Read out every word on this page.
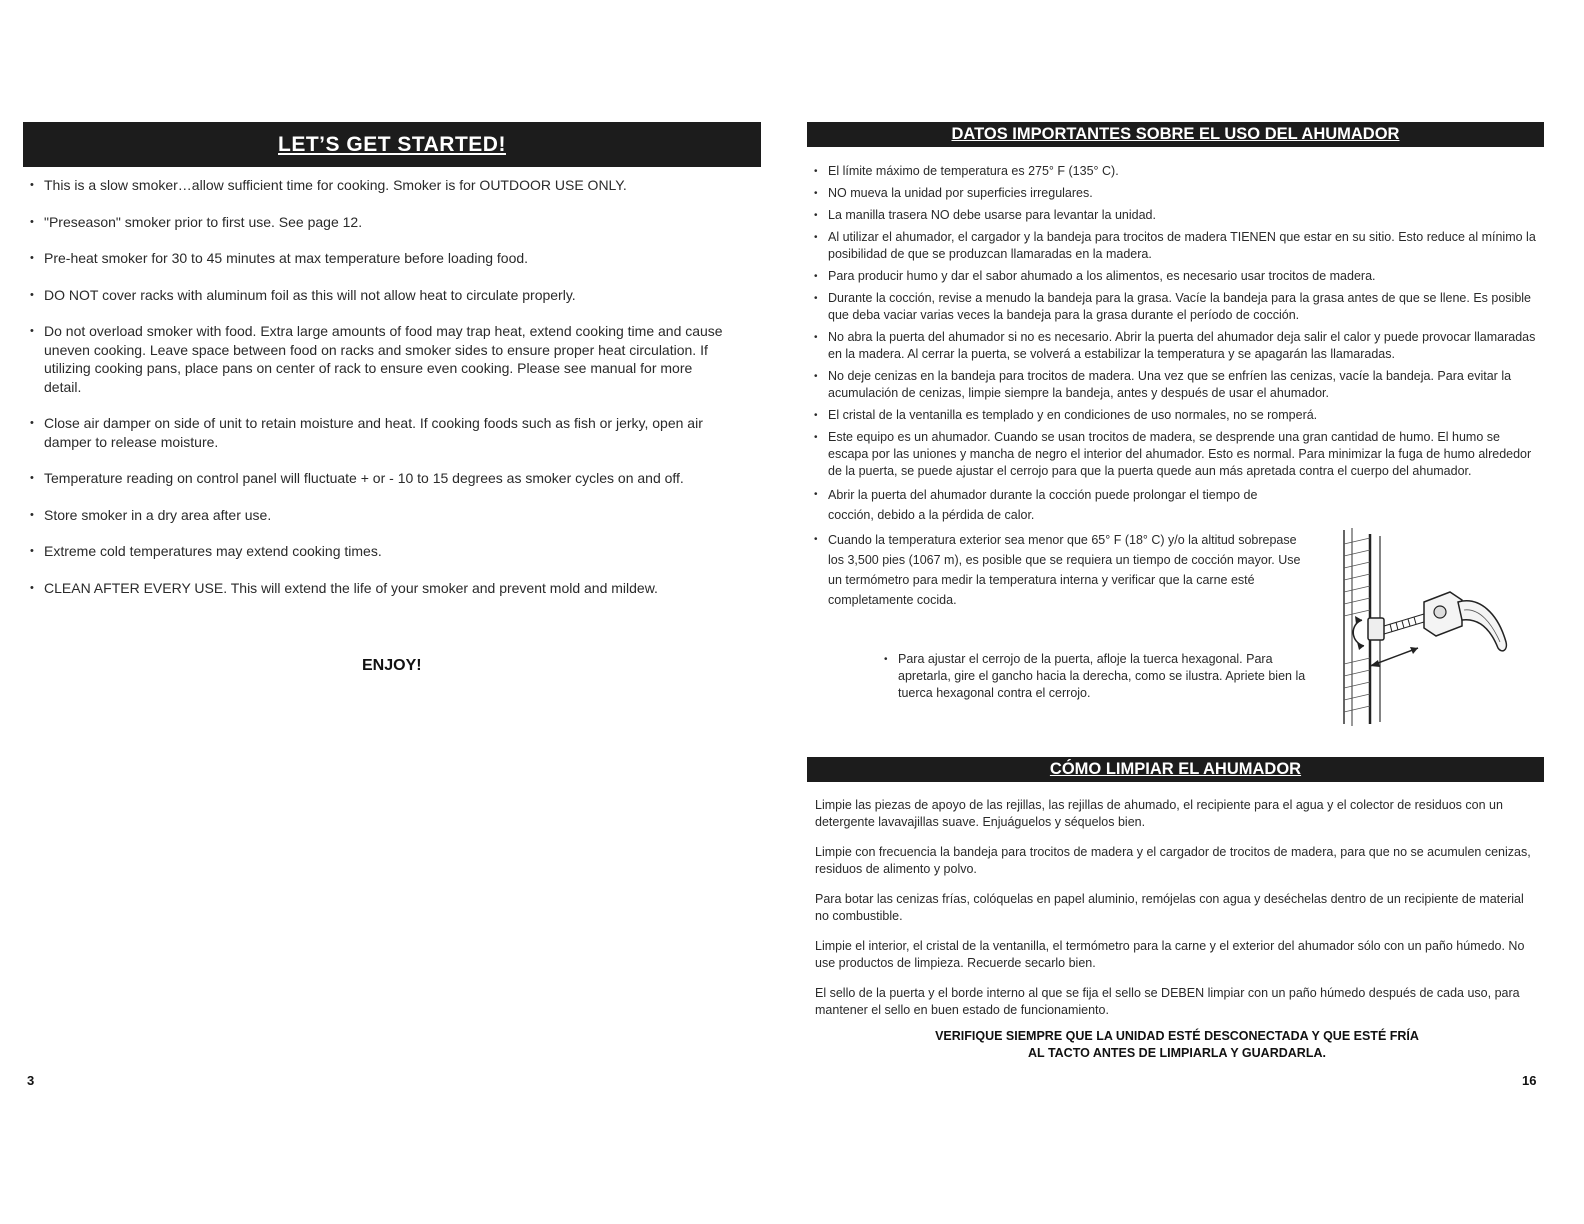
LET’S GET STARTED!
• This is a slow smoker…allow sufficient time for cooking. Smoker is for OUTDOOR USE ONLY.
• "Preseason" smoker prior to first use. See page 12.
• Pre-heat smoker for 30 to 45 minutes at max temperature before loading food.
• DO NOT cover racks with aluminum foil as this will not allow heat to circulate properly.
• Do not overload smoker with food. Extra large amounts of food may trap heat, extend cooking time and cause uneven cooking. Leave space between food on racks and smoker sides to ensure proper heat circulation. If utilizing cooking pans, place pans on center of rack to ensure even cooking. Please see manual for more detail.
• Close air damper on side of unit to retain moisture and heat. If cooking foods such as fish or jerky, open air damper to release moisture.
• Temperature reading on control panel will fluctuate + or - 10 to 15 degrees as smoker cycles on and off.
• Store smoker in a dry area after use.
• Extreme cold temperatures may extend cooking times.
• CLEAN AFTER EVERY USE. This will extend the life of your smoker and prevent mold and mildew.
ENJOY!
3
DATOS IMPORTANTES SOBRE EL USO DEL AHUMADOR
• El límite máximo de temperatura es 275° F (135° C).
• NO mueva la unidad por superficies irregulares.
• La manilla trasera NO debe usarse para levantar la unidad.
• Al utilizar el ahumador, el cargador y la bandeja para trocitos de madera TIENEN que estar en su sitio. Esto reduce al mínimo la posibilidad de que se produzcan llamaradas en la madera.
• Para producir humo y dar el sabor ahumado a los alimentos, es necesario usar trocitos de madera.
• Durante la cocción, revise a menudo la bandeja para la grasa. Vacíe la bandeja para la grasa antes de que se llene. Es posible que deba vaciar varias veces la bandeja para la grasa durante el período de cocción.
• No abra la puerta del ahumador si no es necesario. Abrir la puerta del ahumador deja salir el calor y puede provocar llamaradas en la madera. Al cerrar la puerta, se volverá a estabilizar la temperatura y se apagarán las llamaradas.
• No deje cenizas en la bandeja para trocitos de madera. Una vez que se enfríen las cenizas, vacíe la bandeja. Para evitar la acumulación de cenizas, limpie siempre la bandeja, antes y después de usar el ahumador.
• El cristal de la ventanilla es templado y en condiciones de uso normales, no se romperá.
• Este equipo es un ahumador. Cuando se usan trocitos de madera, se desprende una gran cantidad de humo. El humo se escapa por las uniones y mancha de negro el interior del ahumador. Esto es normal. Para minimizar la fuga de humo alrededor de la puerta, se puede ajustar el cerrojo para que la puerta quede aun más apretada contra el cuerpo del ahumador.
• Abrir la puerta del ahumador durante la cocción puede prolongar el tiempo de cocción, debido a la pérdida de calor.
• Cuando la temperatura exterior sea menor que 65° F (18° C) y/o la altitud sobrepase los 3,500 pies (1067 m), es posible que se requiera un tiempo de cocción mayor. Use un termómetro para medir la temperatura interna y verificar que la carne esté completamente cocida.
• Para ajustar el cerrojo de la puerta, afloje la tuerca hexagonal. Para apretarla, gire el gancho hacia la derecha, como se ilustra. Apriete bien la tuerca hexagonal contra el cerrojo.
CÓMO LIMPIAR EL AHUMADOR

Limpie las piezas de apoyo de las rejillas, las rejillas de ahumado, el recipiente para el agua y el colector de residuos con un detergente lavavajillas suave. Enjuáguelos y séquelos bien.

Limpie con frecuencia la bandeja para trocitos de madera y el cargador de trocitos de madera, para que no se acumulen cenizas, residuos de alimento y polvo.

Para botar las cenizas frías, colóquelas en papel aluminio, remójelas con agua y deséchelas dentro de un recipiente de material no combustible.

Limpie el interior, el cristal de la ventanilla, el termómetro para la carne y el exterior del ahumador sólo con un paño húmedo. No use productos de limpieza. Recuerde secarlo bien.

El sello de la puerta y el borde interno al que se fija el sello se DEBEN limpiar con un paño húmedo después de cada uso, para mantener el sello en buen estado de funcionamiento.

VERIFIQUE SIEMPRE QUE LA UNIDAD ESTÉ DESCONECTADA Y QUE ESTÉ FRÍA
AL TACTO ANTES DE LIMPIARLA Y GUARDARLA.
16
